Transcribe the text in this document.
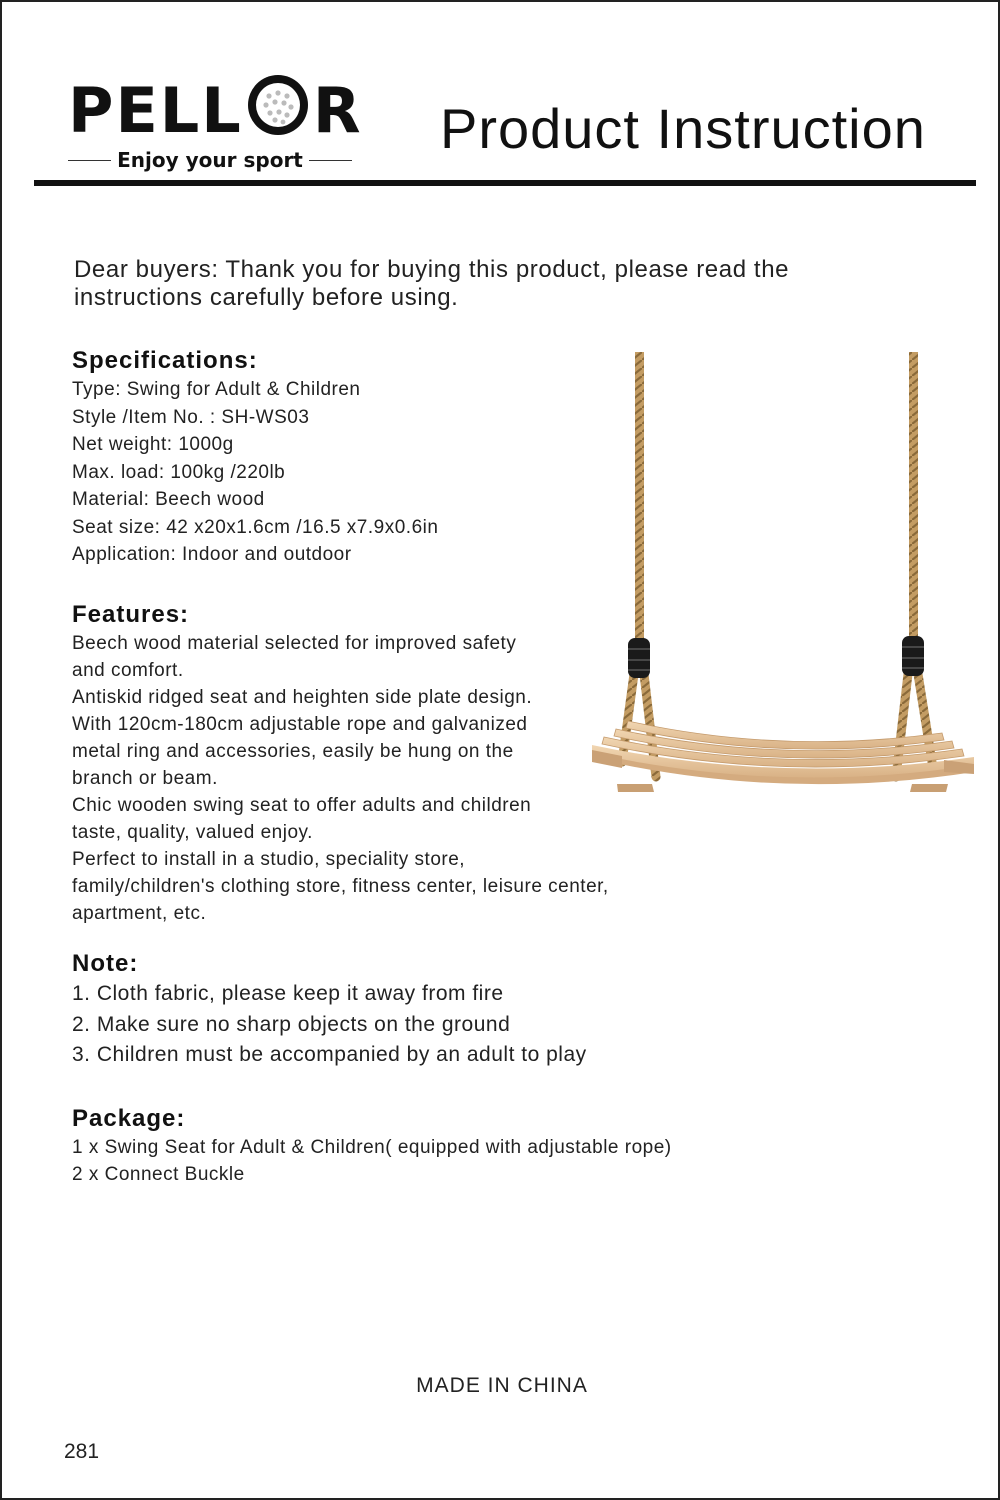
PELL R
Enjoy your sport Product Instruction

Dear buyers: Thank you for buying this product, please read the

instructions carefully before using.

Specifications:
Type: Swing for Adult & Children
Style /Item No. : SH-WS03
Net weight: 1000g
Max. load: 100kg /220lb
Material: Beech wood
Seat size: 42 x20x1.6cm /16.5 x7.9x0.6in
Application: Indoor and outdoor
Features:
Beech wood material selected for improved safety
and comfort.
Antiskid ridged seat and heighten side plate design.
With 120cm-180cm adjustable rope and galvanized
metal ring and accessories, easily be hung on the
branch or beam.
Chic wooden swing seat to offer adults and children
taste, quality, valued enjoy.
Perfect to install in a studio, speciality store,
family/children's clothing store, fitness center, leisure center,
apartment, etc.
Note:
1. Cloth fabric, please keep it away from fire
2. Make sure no sharp objects on the ground
3. Children must be accompanied by an adult to play
Package:
1 x Swing Seat for Adult & Children( equipped with adjustable rope)
2 x Connect Buckle
MADE IN CHINA
281
